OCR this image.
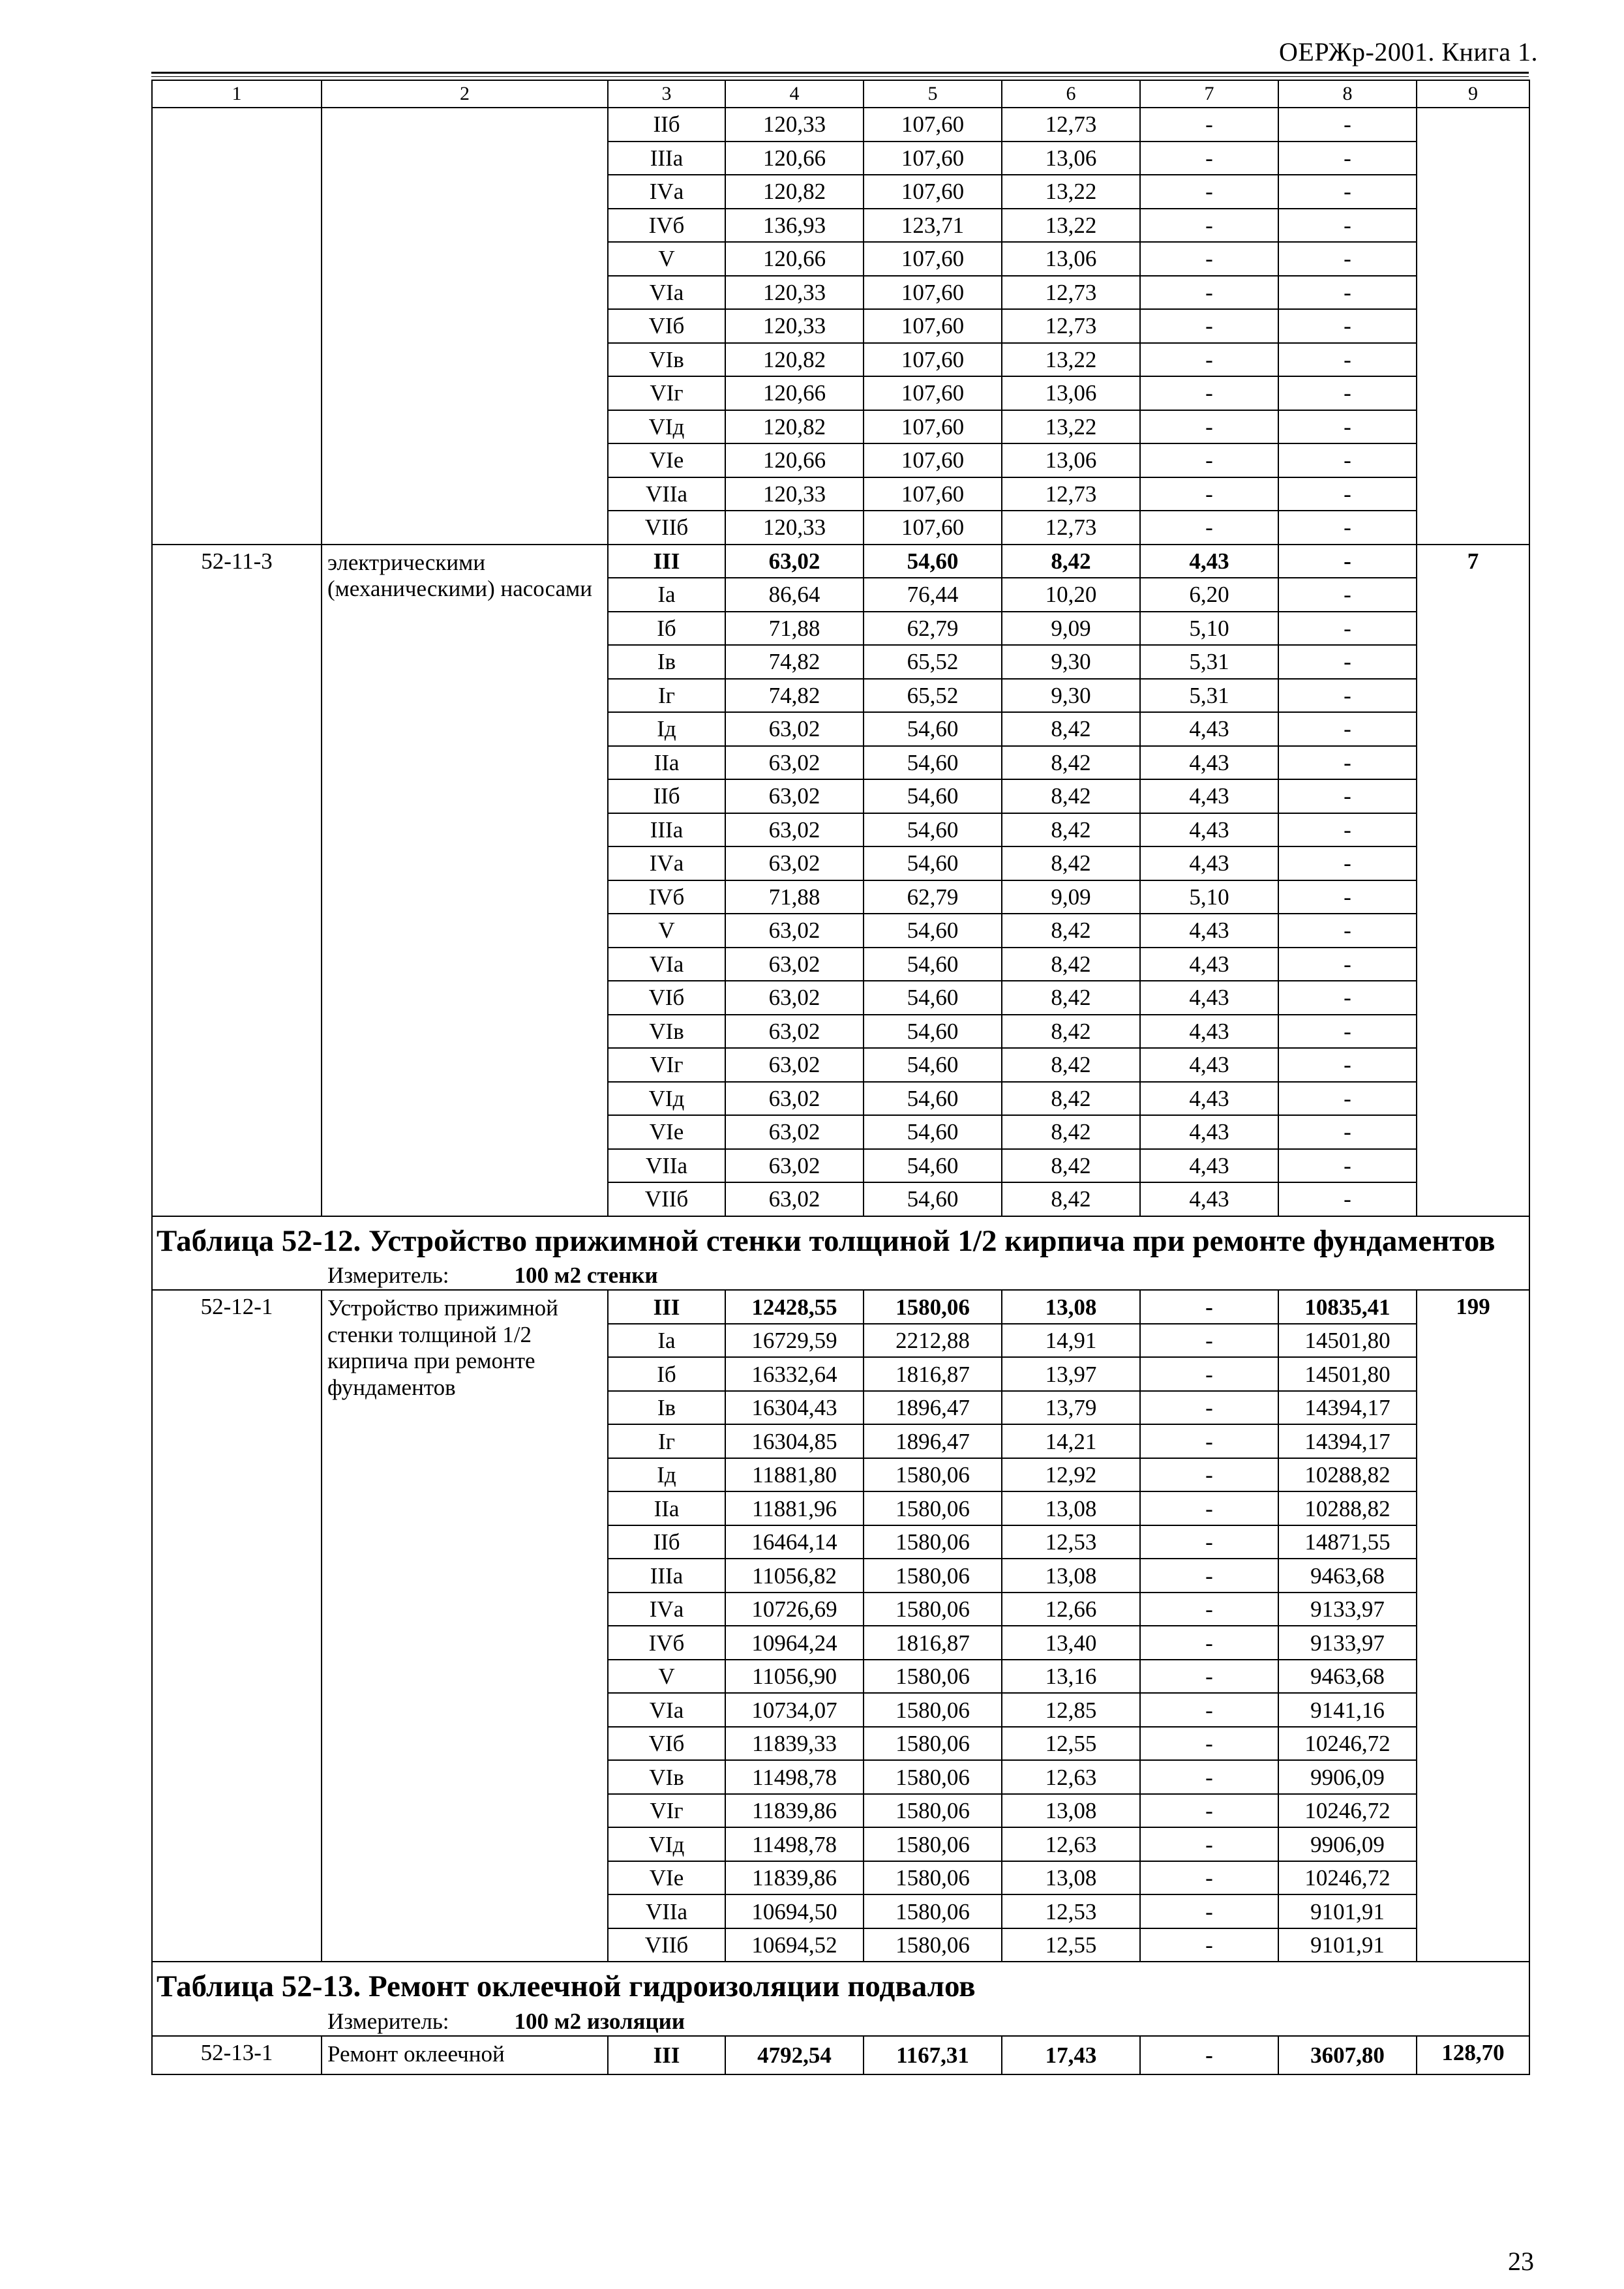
ОЕРЖр-2001. Книга 1.
1	2	3	4	5	6	7	8	9
		IIб	120,33	107,60	12,73	-	-	
		IIIа	120,66	107,60	13,06	-	-	
		IVа	120,82	107,60	13,22	-	-	
		IVб	136,93	123,71	13,22	-	-	
		V	120,66	107,60	13,06	-	-	
		VIа	120,33	107,60	12,73	-	-	
		VIб	120,33	107,60	12,73	-	-	
		VIв	120,82	107,60	13,22	-	-	
		VIг	120,66	107,60	13,06	-	-	
		VIд	120,82	107,60	13,22	-	-	
		VIе	120,66	107,60	13,06	-	-	
		VIIа	120,33	107,60	12,73	-	-	
		VIIб	120,33	107,60	12,73	-	-	
52-11-3	электрическими (механическими) насосами	III	63,02	54,60	8,42	4,43	-	7
		Iа	86,64	76,44	10,20	6,20	-	
		Iб	71,88	62,79	9,09	5,10	-	
		Iв	74,82	65,52	9,30	5,31	-	
		Iг	74,82	65,52	9,30	5,31	-	
		Iд	63,02	54,60	8,42	4,43	-	
		IIа	63,02	54,60	8,42	4,43	-	
		IIб	63,02	54,60	8,42	4,43	-	
		IIIа	63,02	54,60	8,42	4,43	-	
		IVа	63,02	54,60	8,42	4,43	-	
		IVб	71,88	62,79	9,09	5,10	-	
		V	63,02	54,60	8,42	4,43	-	
		VIа	63,02	54,60	8,42	4,43	-	
		VIб	63,02	54,60	8,42	4,43	-	
		VIв	63,02	54,60	8,42	4,43	-	
		VIг	63,02	54,60	8,42	4,43	-	
		VIд	63,02	54,60	8,42	4,43	-	
		VIе	63,02	54,60	8,42	4,43	-	
		VIIа	63,02	54,60	8,42	4,43	-	
		VIIб	63,02	54,60	8,42	4,43	-	

Таблица 52-12. Устройство прижимной стенки толщиной 1/2 кирпича при ремонте фундаментов
Измеритель: 100 м2 стенки								

52-12-1	Устройство прижимной стенки толщиной 1/2 кирпича при ремонте фундаментов	III	12428,55	1580,06	13,08	-	10835,41	199
		Iа	16729,59	2212,88	14,91	-	14501,80	
		Iб	16332,64	1816,87	13,97	-	14501,80	
		Iв	16304,43	1896,47	13,79	-	14394,17	
		Iг	16304,85	1896,47	14,21	-	14394,17	
		Iд	11881,80	1580,06	12,92	-	10288,82	
		IIа	11881,96	1580,06	13,08	-	10288,82	
		IIб	16464,14	1580,06	12,53	-	14871,55	
		IIIа	11056,82	1580,06	13,08	-	9463,68	
		IVа	10726,69	1580,06	12,66	-	9133,97	
		IVб	10964,24	1816,87	13,40	-	9133,97	
		V	11056,90	1580,06	13,16	-	9463,68	
		VIа	10734,07	1580,06	12,85	-	9141,16	
		VIб	11839,33	1580,06	12,55	-	10246,72	
		VIв	11498,78	1580,06	12,63	-	9906,09	
		VIг	11839,86	1580,06	13,08	-	10246,72	
		VIд	11498,78	1580,06	12,63	-	9906,09	
		VIе	11839,86	1580,06	13,08	-	10246,72	
		VIIа	10694,50	1580,06	12,53	-	9101,91	
		VIIб	10694,52	1580,06	12,55	-	9101,91	

Таблица 52-13. Ремонт оклеечной гидроизоляции подвалов
Измеритель: 100 м2 изоляции								

52-13-1	Ремонт оклеечной	III	4792,54	1167,31	17,43	-	3607,80	128,70
23
